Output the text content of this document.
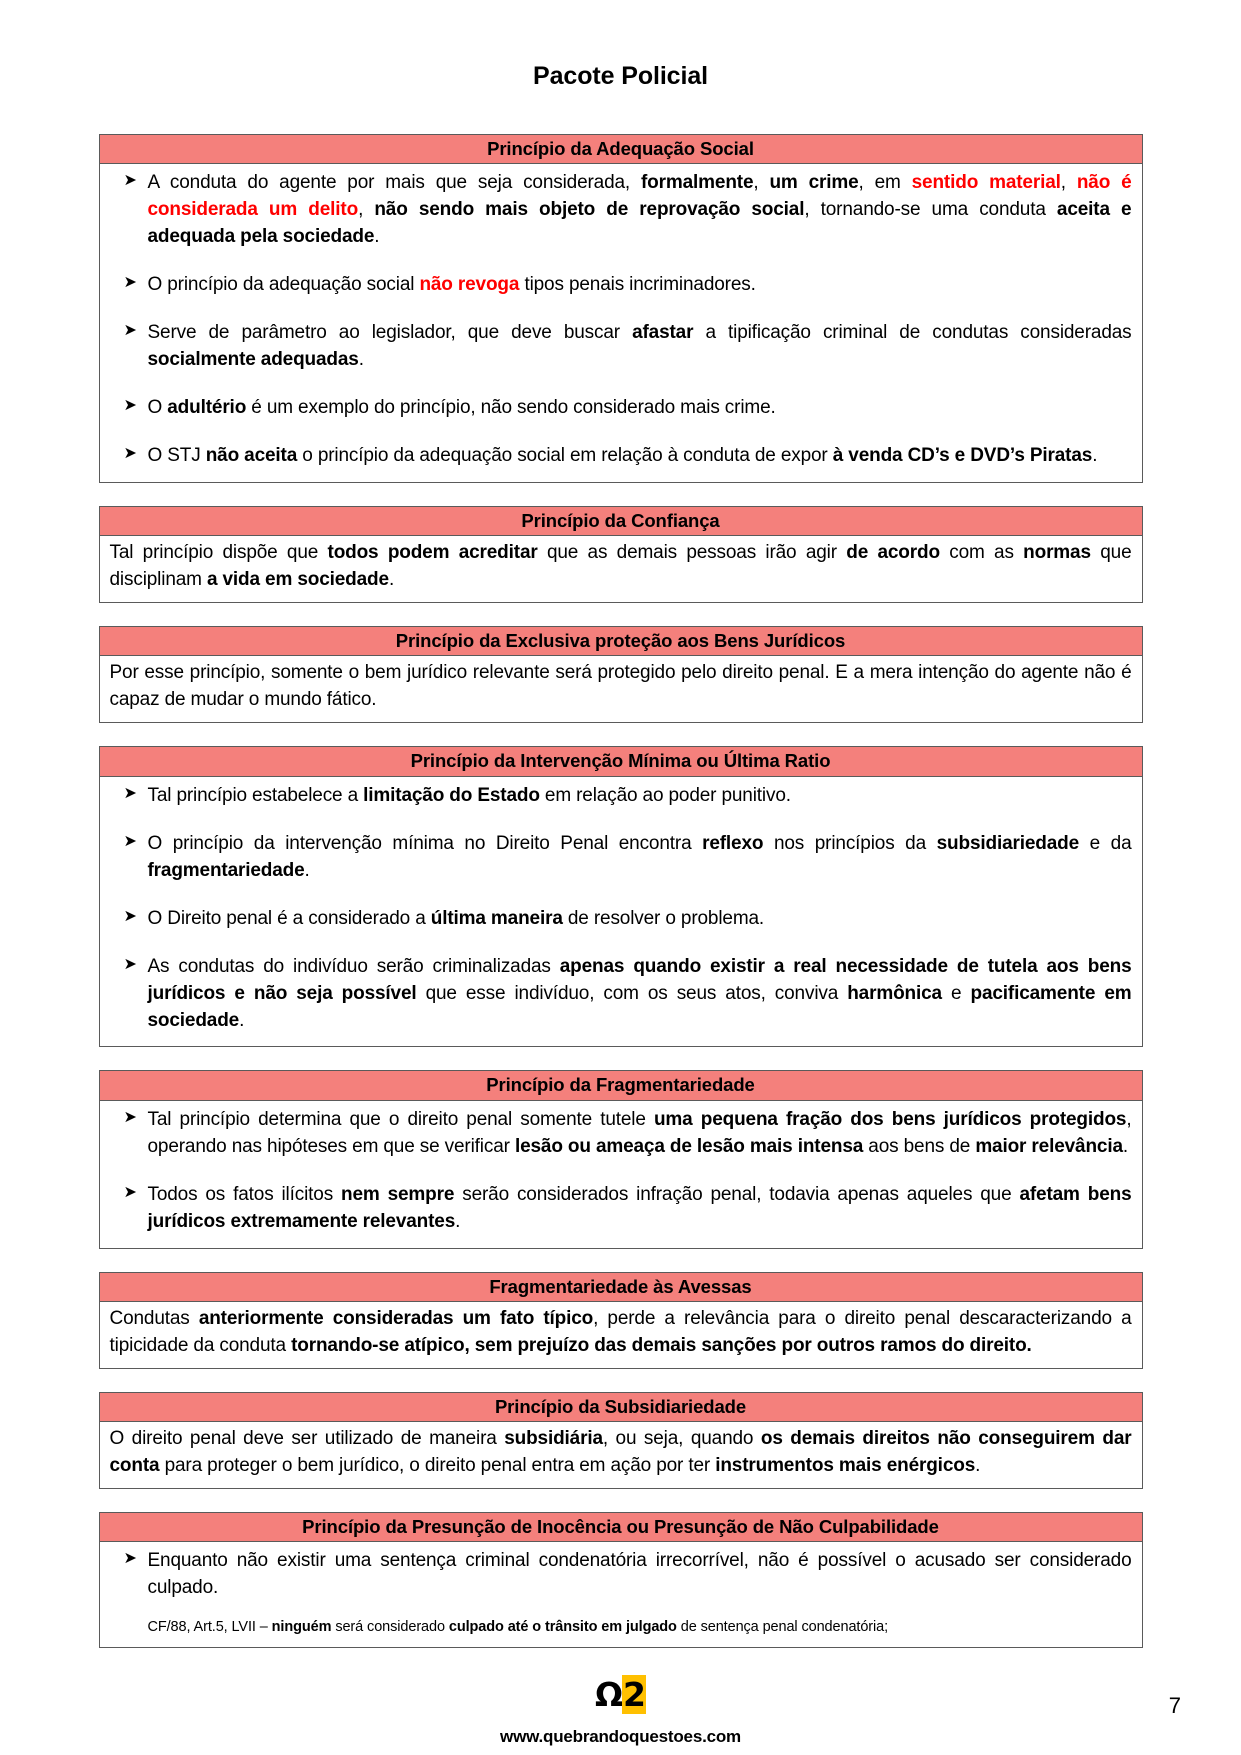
Pacote Policial
Princípio da Adequação Social
➤ A conduta do agente por mais que seja considerada, formalmente, um crime, em sentido material, não é considerada um delito, não sendo mais objeto de reprovação social, tornando-se uma conduta aceita e adequada pela sociedade.
➤ O princípio da adequação social não revoga tipos penais incriminadores.
➤ Serve de parâmetro ao legislador, que deve buscar afastar a tipificação criminal de condutas consideradas socialmente adequadas.
➤ O adultério é um exemplo do princípio, não sendo considerado mais crime.
➤ O STJ não aceita o princípio da adequação social em relação à conduta de expor à venda CD’s e DVD’s Piratas.
Princípio da Confiança

Tal princípio dispõe que todos podem acreditar que as demais pessoas irão agir de acordo com as normas que disciplinam a vida em sociedade.

Princípio da Exclusiva proteção aos Bens Jurídicos

Por esse princípio, somente o bem jurídico relevante será protegido pelo direito penal. E a mera intenção do agente não é capaz de mudar o mundo fático.

Princípio da Intervenção Mínima ou Última Ratio
➤ Tal princípio estabelece a limitação do Estado em relação ao poder punitivo.
➤ O princípio da intervenção mínima no Direito Penal encontra reflexo nos princípios da subsidiariedade e da fragmentariedade.
➤ O Direito penal é a considerado a última maneira de resolver o problema.
➤ As condutas do indivíduo serão criminalizadas apenas quando existir a real necessidade de tutela aos bens jurídicos e não seja possível que esse indivíduo, com os seus atos, conviva harmônica e pacificamente em sociedade.
Princípio da Fragmentariedade
➤ Tal princípio determina que o direito penal somente tutele uma pequena fração dos bens jurídicos protegidos, operando nas hipóteses em que se verificar lesão ou ameaça de lesão mais intensa aos bens de maior relevância.
➤ Todos os fatos ilícitos nem sempre serão considerados infração penal, todavia apenas aqueles que afetam bens jurídicos extremamente relevantes.
Fragmentariedade às Avessas

Condutas anteriormente consideradas um fato típico, perde a relevância para o direito penal descaracterizando a tipicidade da conduta tornando-se atípico, sem prejuízo das demais sanções por outros ramos do direito.

Princípio da Subsidiariedade

O direito penal deve ser utilizado de maneira subsidiária, ou seja, quando os demais direitos não conseguirem dar conta para proteger o bem jurídico, o direito penal entra em ação por ter instrumentos mais enérgicos.

Princípio da Presunção de Inocência ou Presunção de Não Culpabilidade
➤ Enquanto não existir uma sentença criminal condenatória irrecorrível, não é possível o acusado ser considerado culpado.
CF/88, Art.5, LVII – ninguém será considerado culpado até o trânsito em julgado de sentença penal condenatória;
Ω2
www.quebrandoquestoes.com
7
